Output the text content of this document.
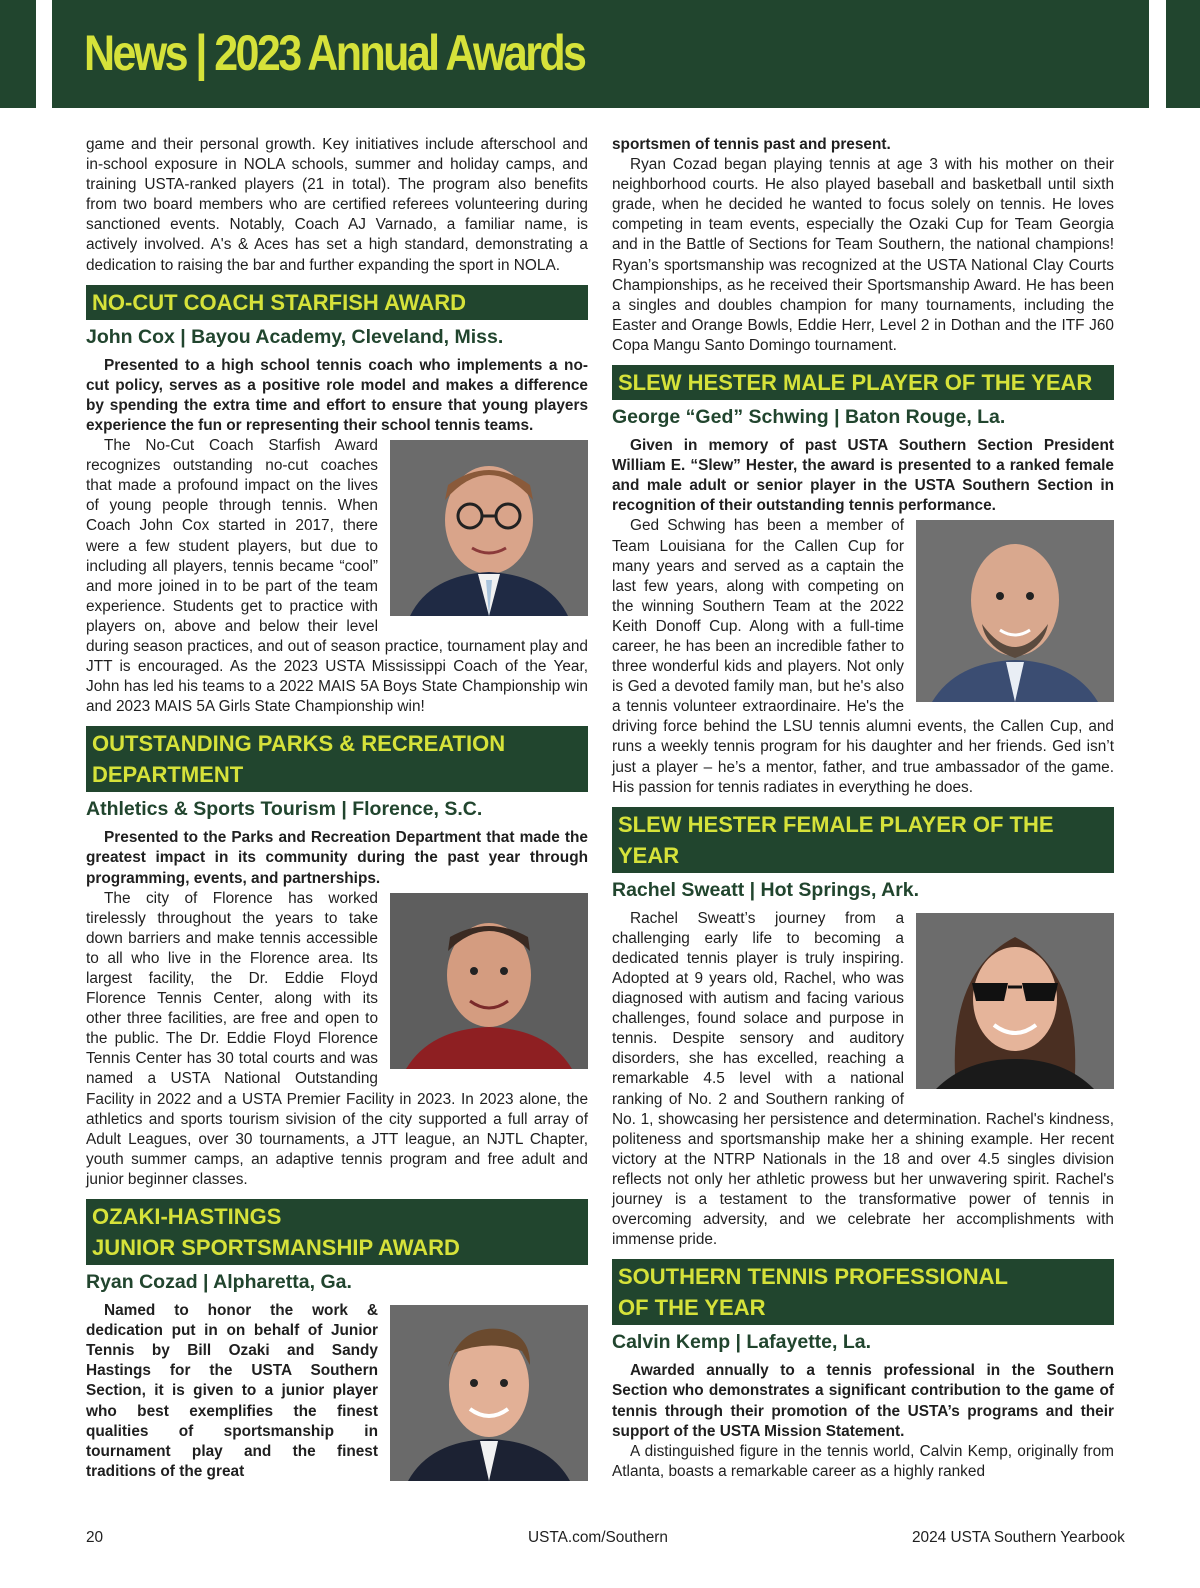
News | 2023 Annual Awards

game and their personal growth. Key initiatives include afterschool and in-school exposure in NOLA schools, summer and holiday camps, and training USTA-ranked players (21 in total). The program also benefits from two board members who are certified referees volunteering during sanctioned events. Notably, Coach AJ Varnado, a familiar name, is actively involved. A's & Aces has set a high standard, demonstrating a dedication to raising the bar and further expanding the sport in NOLA.

NO-CUT COACH STARFISH AWARD
John Cox | Bayou Academy, Cleveland, Miss.

Presented to a high school tennis coach who implements a no-cut policy, serves as a positive role model and makes a difference by spending the extra time and effort to ensure that young players experience the fun or representing their school tennis teams.

The No-Cut Coach Starfish Award recognizes outstanding no-cut coaches that made a profound impact on the lives of young people through tennis. When Coach John Cox started in 2017, there were a few student players, but due to including all players, tennis became “cool” and more joined in to be part of the team experience. Students get to practice with players on, above and below their level during season practices, and out of season practice, tournament play and JTT is encouraged. As the 2023 USTA Mississippi Coach of the Year, John has led his teams to a 2022 MAIS 5A Boys State Championship win and 2023 MAIS 5A Girls State Championship win!

OUTSTANDING PARKS & RECREATION
DEPARTMENT
Athletics & Sports Tourism | Florence, S.C.

Presented to the Parks and Recreation Department that made the greatest impact in its community during the past year through programming, events, and partnerships.

The city of Florence has worked tirelessly throughout the years to take down barriers and make tennis accessible to all who live in the Florence area. Its largest facility, the Dr. Eddie Floyd Florence Tennis Center, along with its other three facilities, are free and open to the public. The Dr. Eddie Floyd Florence Tennis Center has 30 total courts and was named a USTA National Outstanding Facility in 2022 and a USTA Premier Facility in 2023. In 2023 alone, the athletics and sports tourism sivision of the city supported a full array of Adult Leagues, over 30 tournaments, a JTT league, an NJTL Chapter, youth summer camps, an adaptive tennis program and free adult and junior beginner classes.

OZAKI-HASTINGS
JUNIOR SPORTSMANSHIP AWARD
Ryan Cozad | Alpharetta, Ga.

Named to honor the work & dedication put in on behalf of Junior Tennis by Bill Ozaki and Sandy Hastings for the USTA Southern Section, it is given to a junior player who best exemplifies the finest qualities of sportsmanship in tournament play and the finest traditions of the great

sportsmen of tennis past and present.

Ryan Cozad began playing tennis at age 3 with his mother on their neighborhood courts. He also played baseball and basketball until sixth grade, when he decided he wanted to focus solely on tennis. He loves competing in team events, especially the Ozaki Cup for Team Georgia and in the Battle of Sections for Team Southern, the national champions! Ryan’s sportsmanship was recognized at the USTA National Clay Courts Championships, as he received their Sportsmanship Award. He has been a singles and doubles champion for many tournaments, including the Easter and Orange Bowls, Eddie Herr, Level 2 in Dothan and the ITF J60 Copa Mangu Santo Domingo tournament.

SLEW HESTER MALE PLAYER OF THE YEAR
George “Ged” Schwing | Baton Rouge, La.

Given in memory of past USTA Southern Section President William E. “Slew” Hester, the award is presented to a ranked female and male adult or senior player in the USTA Southern Section in recognition of their outstanding tennis performance.

Ged Schwing has been a member of Team Louisiana for the Callen Cup for many years and served as a captain the last few years, along with competing on the winning Southern Team at the 2022 Keith Donoff Cup. Along with a full-time career, he has been an incredible father to three wonderful kids and players. Not only is Ged a devoted family man, but he's also a tennis volunteer extraordinaire. He's the driving force behind the LSU tennis alumni events, the Callen Cup, and runs a weekly tennis program for his daughter and her friends. Ged isn’t just a player – he’s a mentor, father, and true ambassador of the game. His passion for tennis radiates in everything he does.

SLEW HESTER FEMALE PLAYER OF THE YEAR
Rachel Sweatt | Hot Springs, Ark.

Rachel Sweatt’s journey from a challenging early life to becoming a dedicated tennis player is truly inspiring. Adopted at 9 years old, Rachel, who was diagnosed with autism and facing various challenges, found solace and purpose in tennis. Despite sensory and auditory disorders, she has excelled, reaching a remarkable 4.5 level with a national ranking of No. 2 and Southern ranking of No. 1, showcasing her persistence and determination. Rachel's kindness, politeness and sportsmanship make her a shining example. Her recent victory at the NTRP Nationals in the 18 and over 4.5 singles division reflects not only her athletic prowess but her unwavering spirit. Rachel's journey is a testament to the transformative power of tennis in overcoming adversity, and we celebrate her accomplishments with immense pride.

SOUTHERN TENNIS PROFESSIONAL
OF THE YEAR
Calvin Kemp | Lafayette, La.

Awarded annually to a tennis professional in the Southern Section who demonstrates a significant contribution to the game of tennis through their promotion of the USTA’s programs and their support of the USTA Mission Statement.

A distinguished figure in the tennis world, Calvin Kemp, originally from Atlanta, boasts a remarkable career as a highly ranked

20	USTA.com/Southern	2024 USTA Southern Yearbook
